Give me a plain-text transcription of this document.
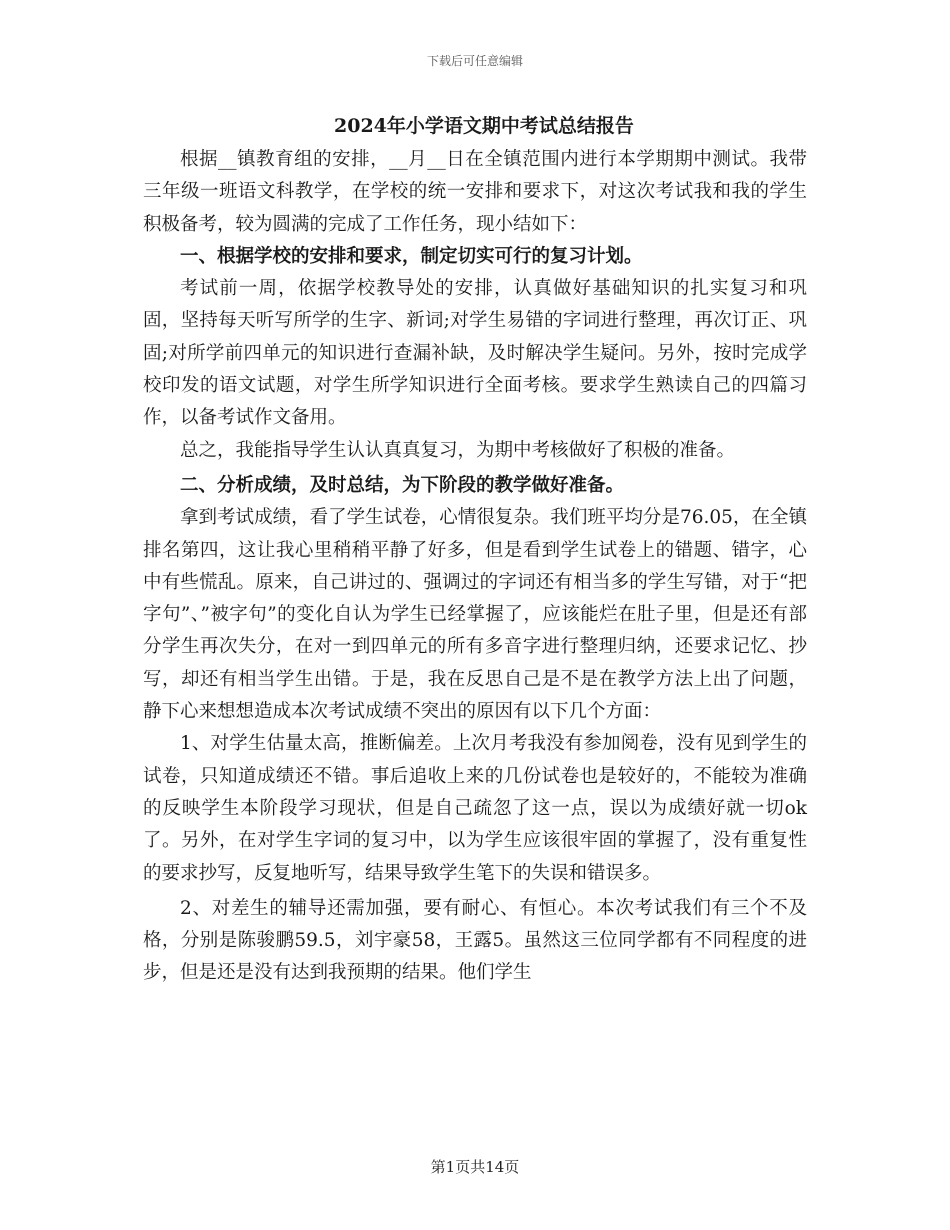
下载后可任意编辑
2024年小学语文期中考试总结报告

根据__镇教育组的安排，__月__日在全镇范围内进行本学期期中测试。我带三年级一班语文科教学，在学校的统一安排和要求下，对这次考试我和我的学生积极备考，较为圆满的完成了工作任务，现小结如下：

一、根据学校的安排和要求，制定切实可行的复习计划。

考试前一周，依据学校教导处的安排，认真做好基础知识的扎实复习和巩固，坚持每天听写所学的生字、新词;对学生易错的字词进行整理，再次订正、巩固;对所学前四单元的知识进行查漏补缺，及时解决学生疑问。另外，按时完成学校印发的语文试题，对学生所学知识进行全面考核。要求学生熟读自己的四篇习作，以备考试作文备用。

总之，我能指导学生认认真真复习，为期中考核做好了积极的准备。

二、分析成绩，及时总结，为下阶段的教学做好准备。

拿到考试成绩，看了学生试卷，心情很复杂。我们班平均分是76.05，在全镇排名第四，这让我心里稍稍平静了好多，但是看到学生试卷上的错题、错字，心中有些慌乱。原来，自己讲过的、强调过的字词还有相当多的学生写错，对于“把字句”、”被字句”的变化自认为学生已经掌握了，应该能烂在肚子里，但是还有部分学生再次失分，在对一到四单元的所有多音字进行整理归纳，还要求记忆、抄写，却还有相当学生出错。于是，我在反思自己是不是在教学方法上出了问题，静下心来想想造成本次考试成绩不突出的原因有以下几个方面：

1、对学生估量太高，推断偏差。上次月考我没有参加阅卷，没有见到学生的试卷，只知道成绩还不错。事后追收上来的几份试卷也是较好的，不能较为准确的反映学生本阶段学习现状，但是自己疏忽了这一点，误以为成绩好就一切ok了。另外，在对学生字词的复习中，以为学生应该很牢固的掌握了，没有重复性的要求抄写，反复地听写，结果导致学生笔下的失误和错误多。

2、对差生的辅导还需加强，要有耐心、有恒心。本次考试我们有三个不及格，分别是陈骏鹏59.5，刘宇豪58，王露5。虽然这三位同学都有不同程度的进步，但是还是没有达到我预期的结果。他们学生

第1页共14页
